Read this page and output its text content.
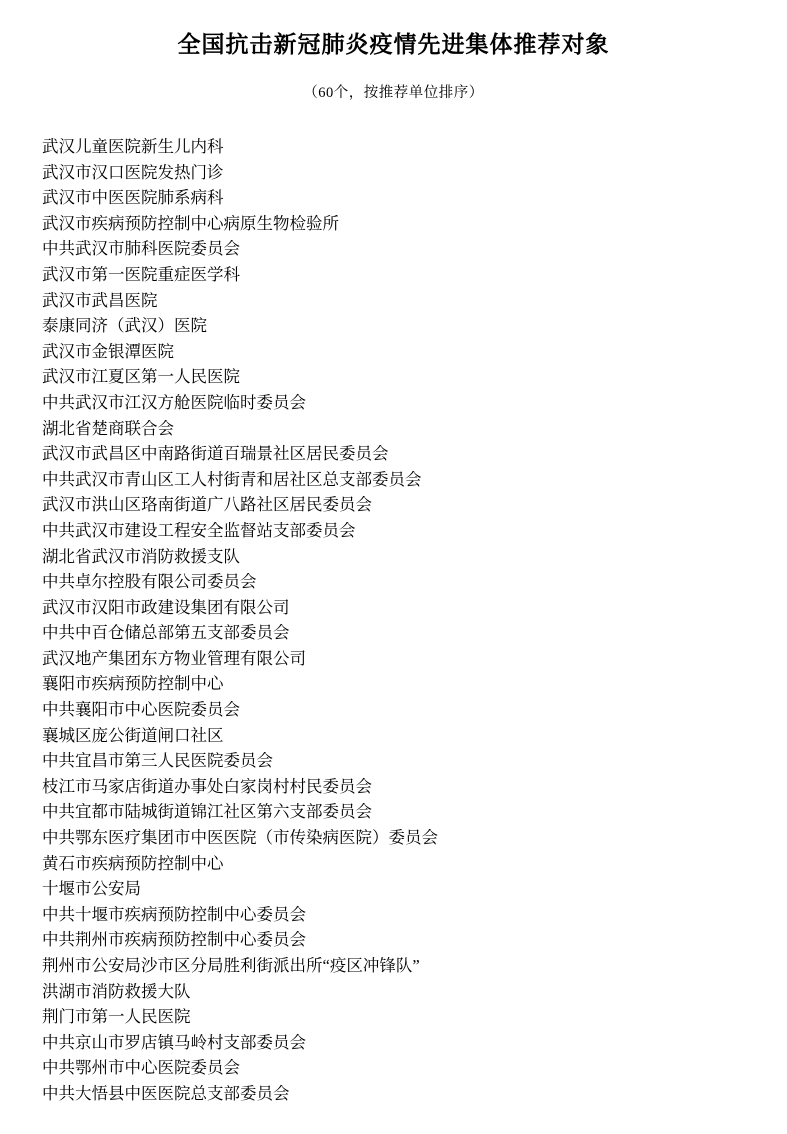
全国抗击新冠肺炎疫情先进集体推荐对象

（60个，按推荐单位排序）

武汉儿童医院新生儿内科
武汉市汉口医院发热门诊
武汉市中医医院肺系病科
武汉市疾病预防控制中心病原生物检验所
中共武汉市肺科医院委员会
武汉市第一医院重症医学科
武汉市武昌医院
泰康同济（武汉）医院
武汉市金银潭医院
武汉市江夏区第一人民医院
中共武汉市江汉方舱医院临时委员会
湖北省楚商联合会
武汉市武昌区中南路街道百瑞景社区居民委员会
中共武汉市青山区工人村街青和居社区总支部委员会
武汉市洪山区珞南街道广八路社区居民委员会
中共武汉市建设工程安全监督站支部委员会
湖北省武汉市消防救援支队
中共卓尔控股有限公司委员会
武汉市汉阳市政建设集团有限公司
中共中百仓储总部第五支部委员会
武汉地产集团东方物业管理有限公司
襄阳市疾病预防控制中心
中共襄阳市中心医院委员会
襄城区庞公街道闸口社区
中共宜昌市第三人民医院委员会
枝江市马家店街道办事处白家岗村村民委员会
中共宜都市陆城街道锦江社区第六支部委员会
中共鄂东医疗集团市中医医院（市传染病医院）委员会
黄石市疾病预防控制中心
十堰市公安局
中共十堰市疾病预防控制中心委员会
中共荆州市疾病预防控制中心委员会
荆州市公安局沙市区分局胜利街派出所“疫区冲锋队”
洪湖市消防救援大队
荆门市第一人民医院
中共京山市罗店镇马岭村支部委员会
中共鄂州市中心医院委员会
中共大悟县中医医院总支部委员会
